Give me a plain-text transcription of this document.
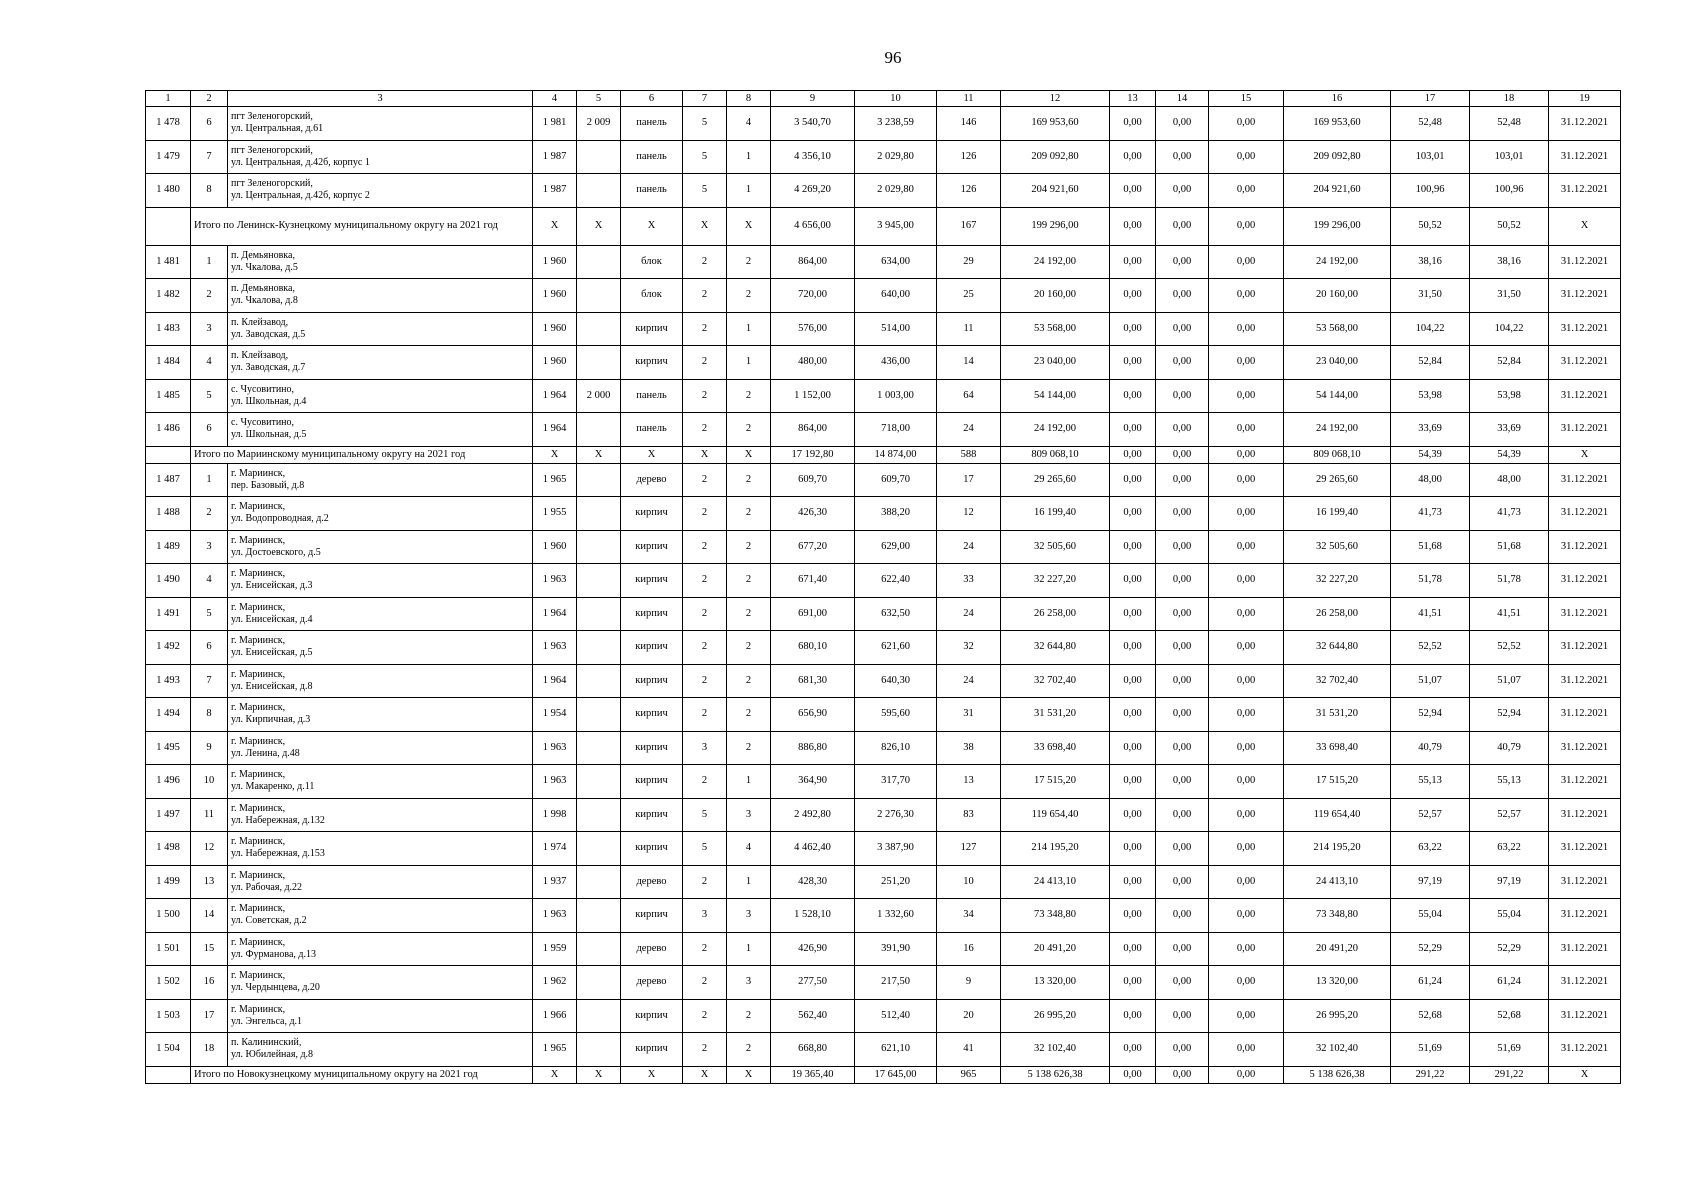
96
1	2	3	4	5	6	7	8	9	10	11	12	13	14	15	16	17	18	19
1 478	6	пгт Зеленогорский,
ул. Центральная, д.61	1 981	2 009	панель	5	4	3 540,70	3 238,59	146	169 953,60	0,00	0,00	0,00	169 953,60	52,48	52,48	31.12.2021
1 479	7	пгт Зеленогорский,
ул. Центральная, д.42б, корпус 1	1 987		панель	5	1	4 356,10	2 029,80	126	209 092,80	0,00	0,00	0,00	209 092,80	103,01	103,01	31.12.2021
1 480	8	пгт Зеленогорский,
ул. Центральная, д.42б, корпус 2	1 987		панель	5	1	4 269,20	2 029,80	126	204 921,60	0,00	0,00	0,00	204 921,60	100,96	100,96	31.12.2021
	Итого по Ленинск-Кузнецкому муниципальному округу на 2021 год		X	X	X	X	X	4 656,00	3 945,00	167	199 296,00	0,00	0,00	0,00	199 296,00	50,52	50,52	X
1 481	1	п. Демьяновка,
ул. Чкалова, д.5	1 960		блок	2	2	864,00	634,00	29	24 192,00	0,00	0,00	0,00	24 192,00	38,16	38,16	31.12.2021
1 482	2	п. Демьяновка,
ул. Чкалова, д.8	1 960		блок	2	2	720,00	640,00	25	20 160,00	0,00	0,00	0,00	20 160,00	31,50	31,50	31.12.2021
1 483	3	п. Клейзавод,
ул. Заводская, д.5	1 960		кирпич	2	1	576,00	514,00	11	53 568,00	0,00	0,00	0,00	53 568,00	104,22	104,22	31.12.2021
1 484	4	п. Клейзавод,
ул. Заводская, д.7	1 960		кирпич	2	1	480,00	436,00	14	23 040,00	0,00	0,00	0,00	23 040,00	52,84	52,84	31.12.2021
1 485	5	с. Чусовитино,
ул. Школьная, д.4	1 964	2 000	панель	2	2	1 152,00	1 003,00	64	54 144,00	0,00	0,00	0,00	54 144,00	53,98	53,98	31.12.2021
1 486	6	с. Чусовитино,
ул. Школьная, д.5	1 964		панель	2	2	864,00	718,00	24	24 192,00	0,00	0,00	0,00	24 192,00	33,69	33,69	31.12.2021
	Итого по Мариинскому муниципальному округу на 2021 год		X	X	X	X	X	17 192,80	14 874,00	588	809 068,10	0,00	0,00	0,00	809 068,10	54,39	54,39	X
1 487	1	г. Мариинск,
пер. Базовый, д.8	1 965		дерево	2	2	609,70	609,70	17	29 265,60	0,00	0,00	0,00	29 265,60	48,00	48,00	31.12.2021
1 488	2	г. Мариинск,
ул. Водопроводная, д.2	1 955		кирпич	2	2	426,30	388,20	12	16 199,40	0,00	0,00	0,00	16 199,40	41,73	41,73	31.12.2021
1 489	3	г. Мариинск,
ул. Достоевского, д.5	1 960		кирпич	2	2	677,20	629,00	24	32 505,60	0,00	0,00	0,00	32 505,60	51,68	51,68	31.12.2021
1 490	4	г. Мариинск,
ул. Енисейская, д.3	1 963		кирпич	2	2	671,40	622,40	33	32 227,20	0,00	0,00	0,00	32 227,20	51,78	51,78	31.12.2021
1 491	5	г. Мариинск,
ул. Енисейская, д.4	1 964		кирпич	2	2	691,00	632,50	24	26 258,00	0,00	0,00	0,00	26 258,00	41,51	41,51	31.12.2021
1 492	6	г. Мариинск,
ул. Енисейская, д.5	1 963		кирпич	2	2	680,10	621,60	32	32 644,80	0,00	0,00	0,00	32 644,80	52,52	52,52	31.12.2021
1 493	7	г. Мариинск,
ул. Енисейская, д.8	1 964		кирпич	2	2	681,30	640,30	24	32 702,40	0,00	0,00	0,00	32 702,40	51,07	51,07	31.12.2021
1 494	8	г. Мариинск,
ул. Кирпичная, д.3	1 954		кирпич	2	2	656,90	595,60	31	31 531,20	0,00	0,00	0,00	31 531,20	52,94	52,94	31.12.2021
1 495	9	г. Мариинск,
ул. Ленина, д.48	1 963		кирпич	3	2	886,80	826,10	38	33 698,40	0,00	0,00	0,00	33 698,40	40,79	40,79	31.12.2021
1 496	10	г. Мариинск,
ул. Макаренко, д.11	1 963		кирпич	2	1	364,90	317,70	13	17 515,20	0,00	0,00	0,00	17 515,20	55,13	55,13	31.12.2021
1 497	11	г. Мариинск,
ул. Набережная, д.132	1 998		кирпич	5	3	2 492,80	2 276,30	83	119 654,40	0,00	0,00	0,00	119 654,40	52,57	52,57	31.12.2021
1 498	12	г. Мариинск,
ул. Набережная, д.153	1 974		кирпич	5	4	4 462,40	3 387,90	127	214 195,20	0,00	0,00	0,00	214 195,20	63,22	63,22	31.12.2021
1 499	13	г. Мариинск,
ул. Рабочая, д.22	1 937		дерево	2	1	428,30	251,20	10	24 413,10	0,00	0,00	0,00	24 413,10	97,19	97,19	31.12.2021
1 500	14	г. Мариинск,
ул. Советская, д.2	1 963		кирпич	3	3	1 528,10	1 332,60	34	73 348,80	0,00	0,00	0,00	73 348,80	55,04	55,04	31.12.2021
1 501	15	г. Мариинск,
ул. Фурманова, д.13	1 959		дерево	2	1	426,90	391,90	16	20 491,20	0,00	0,00	0,00	20 491,20	52,29	52,29	31.12.2021
1 502	16	г. Мариинск,
ул. Чердынцева, д.20	1 962		дерево	2	3	277,50	217,50	9	13 320,00	0,00	0,00	0,00	13 320,00	61,24	61,24	31.12.2021
1 503	17	г. Мариинск,
ул. Энгельса, д.1	1 966		кирпич	2	2	562,40	512,40	20	26 995,20	0,00	0,00	0,00	26 995,20	52,68	52,68	31.12.2021
1 504	18	п. Калининский,
ул. Юбилейная, д.8	1 965		кирпич	2	2	668,80	621,10	41	32 102,40	0,00	0,00	0,00	32 102,40	51,69	51,69	31.12.2021
	Итого по Новокузнецкому муниципальному округу на 2021 год		X	X	X	X	X	19 365,40	17 645,00	965	5 138 626,38	0,00	0,00	0,00	5 138 626,38	291,22	291,22	X
